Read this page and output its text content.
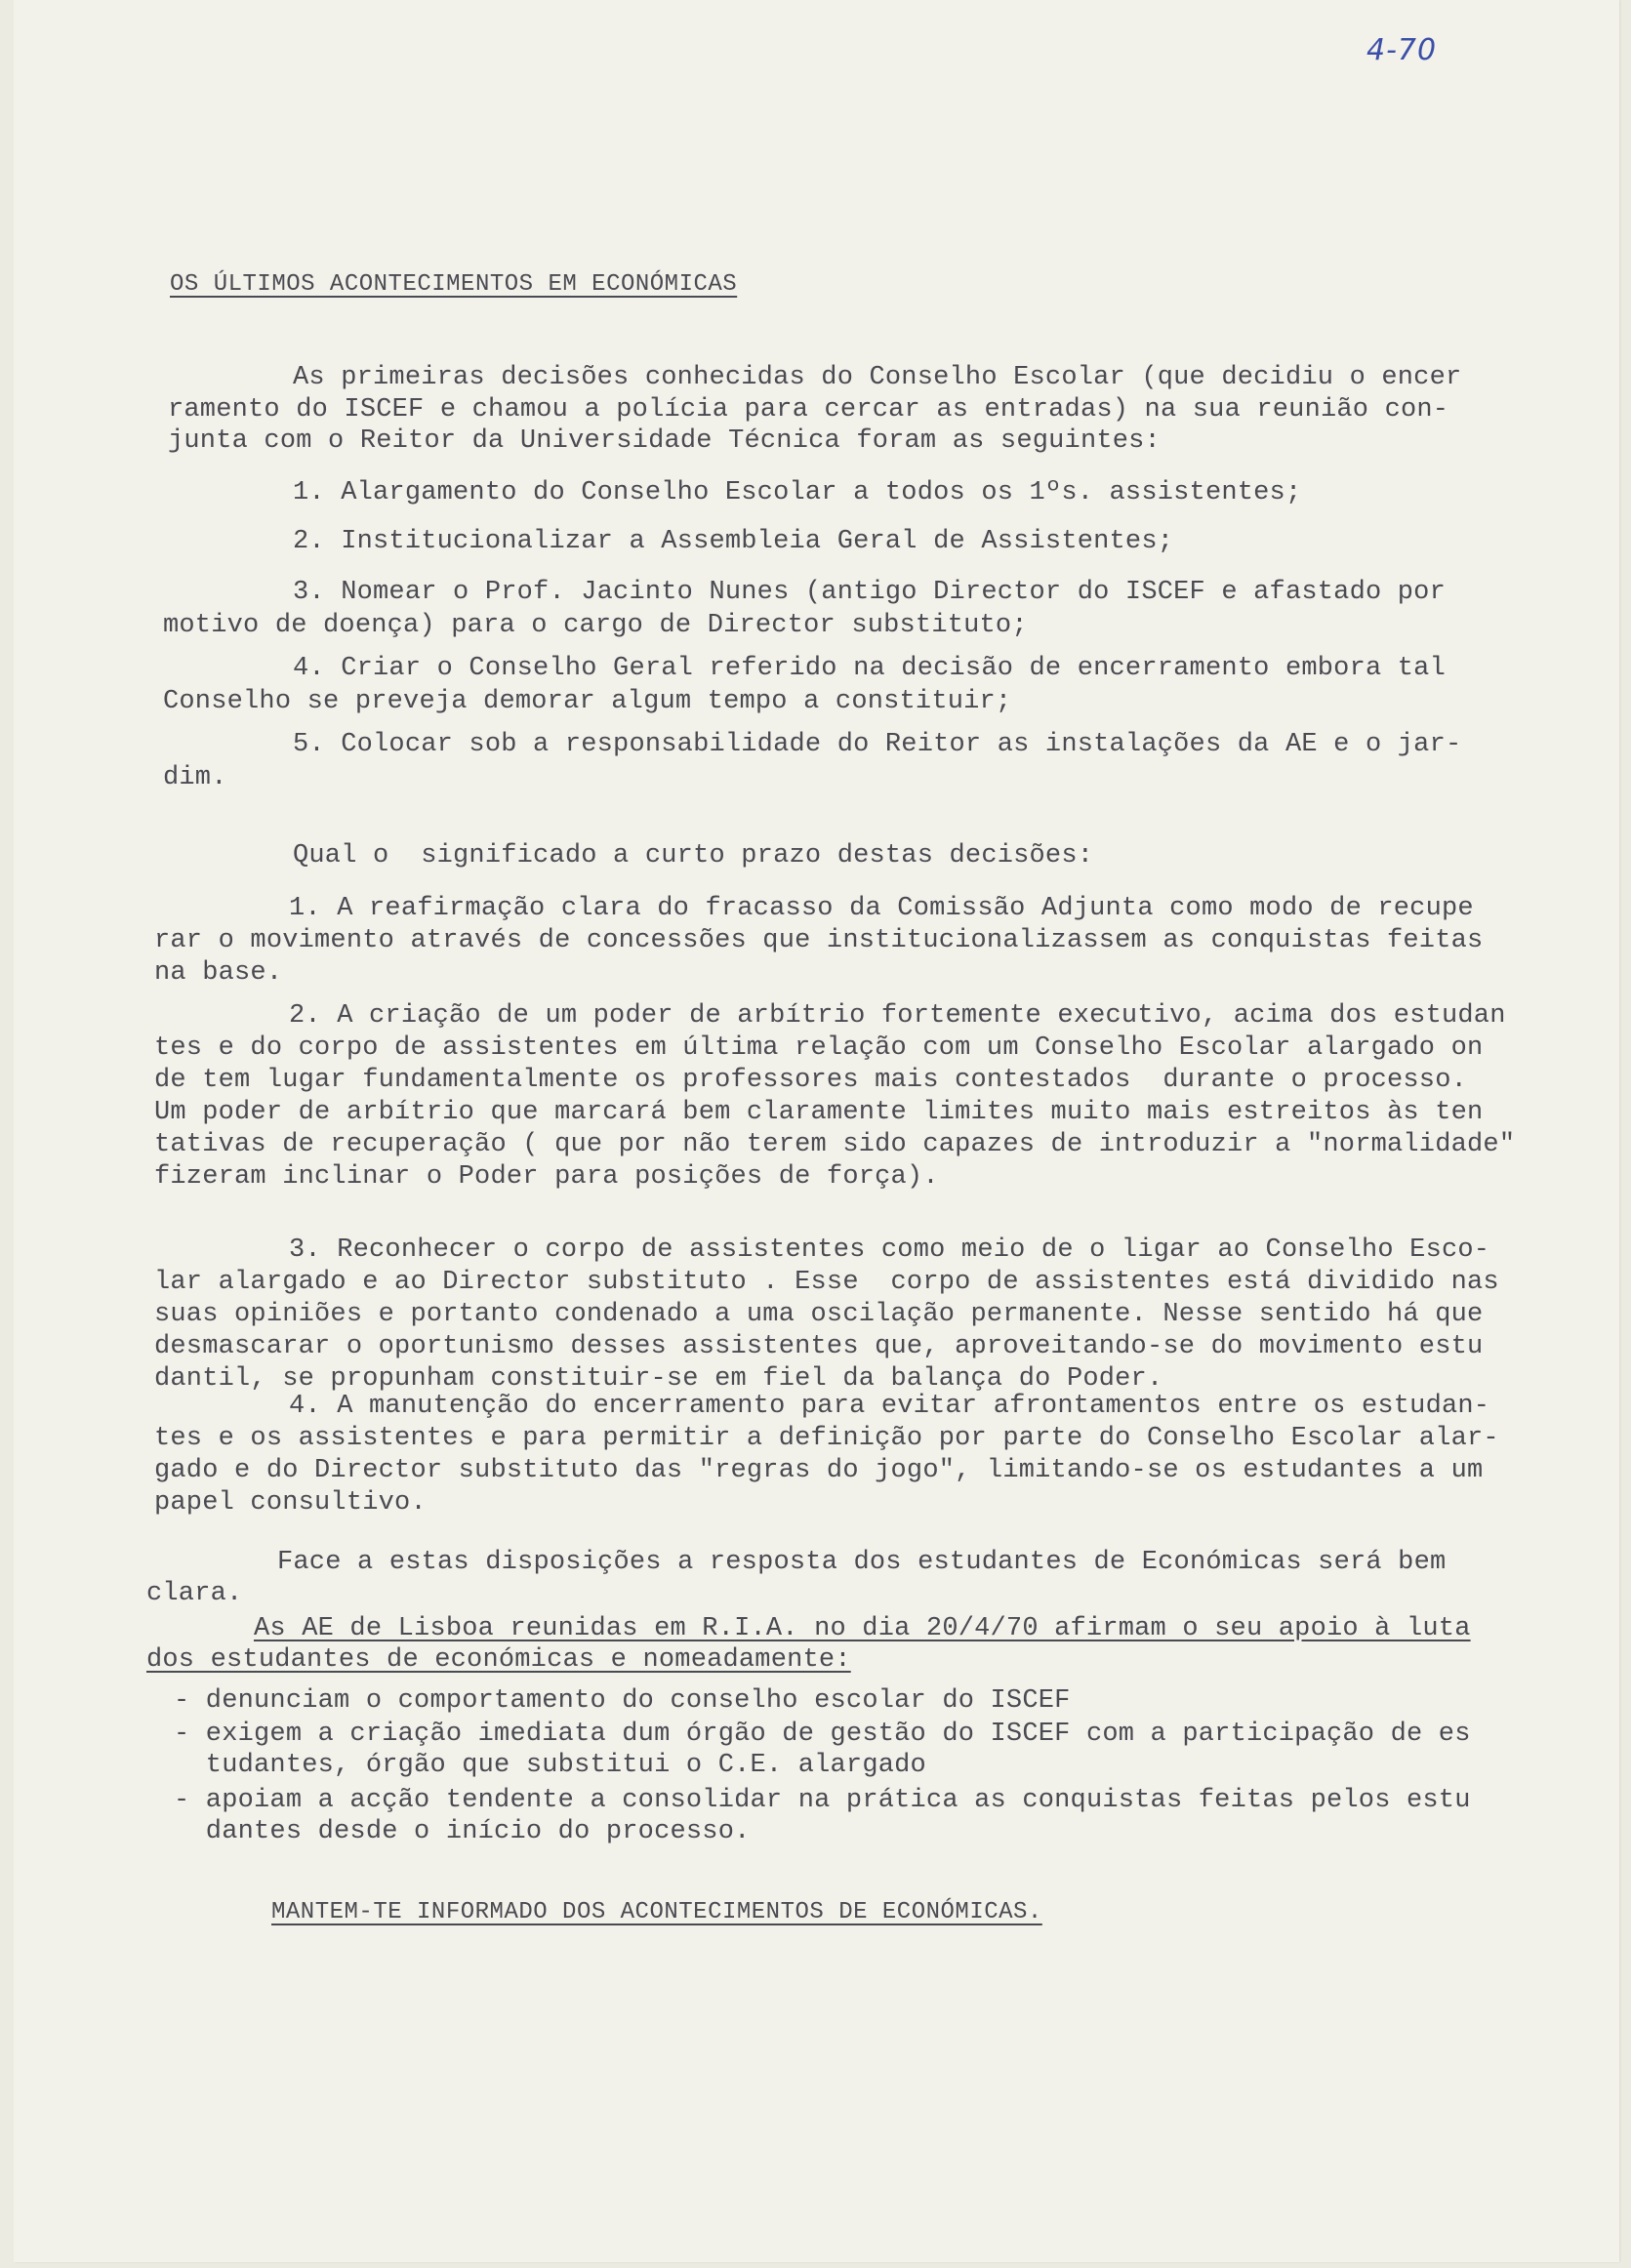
4-70
OS ÚLTIMOS ACONTECIMENTOS EM ECONÓMICAS
As primeiras decisões conhecidas do Conselho Escolar (que decidiu o encer
ramento do ISCEF e chamou a polícia para cercar as entradas) na sua reunião con-
junta com o Reitor da Universidade Técnica foram as seguintes:
1. Alargamento do Conselho Escolar a todos os 1ºs. assistentes;
2. Institucionalizar a Assembleia Geral de Assistentes;
3. Nomear o Prof. Jacinto Nunes (antigo Director do ISCEF e afastado por
motivo de doença) para o cargo de Director substituto;
4. Criar o Conselho Geral referido na decisão de encerramento embora tal
Conselho se preveja demorar algum tempo a constituir;
5. Colocar sob a responsabilidade do Reitor as instalações da AE e o jar-
dim.
Qual o  significado a curto prazo destas decisões:
1. A reafirmação clara do fracasso da Comissão Adjunta como modo de recupe
rar o movimento através de concessões que institucionalizassem as conquistas feitas
na base.
2. A criação de um poder de arbítrio fortemente executivo, acima dos estudan
tes e do corpo de assistentes em última relação com um Conselho Escolar alargado on
de tem lugar fundamentalmente os professores mais contestados  durante o processo.
Um poder de arbítrio que marcará bem claramente limites muito mais estreitos às ten
tativas de recuperação ( que por não terem sido capazes de introduzir a "normalidade"
fizeram inclinar o Poder para posições de força).
3. Reconhecer o corpo de assistentes como meio de o ligar ao Conselho Esco-
lar alargado e ao Director substituto . Esse  corpo de assistentes está dividido nas
suas opiniões e portanto condenado a uma oscilação permanente. Nesse sentido há que
desmascarar o oportunismo desses assistentes que, aproveitando-se do movimento estu
dantil, se propunham constituir-se em fiel da balança do Poder.
4. A manutenção do encerramento para evitar afrontamentos entre os estudan-
tes e os assistentes e para permitir a definição por parte do Conselho Escolar alar-
gado e do Director substituto das "regras do jogo", limitando-se os estudantes a um
papel consultivo.
Face a estas disposições a resposta dos estudantes de Económicas será bem
clara.
As AE de Lisboa reunidas em R.I.A. no dia 20/4/70 afirmam o seu apoio à luta
dos estudantes de económicas e nomeadamente:
- denunciam o comportamento do conselho escolar do ISCEF
- exigem a criação imediata dum órgão de gestão do ISCEF com a participação de es
tudantes, órgão que substitui o C.E. alargado
- apoiam a acção tendente a consolidar na prática as conquistas feitas pelos estu
dantes desde o início do processo.
MANTEM-TE INFORMADO DOS ACONTECIMENTOS DE ECONÓMICAS.
